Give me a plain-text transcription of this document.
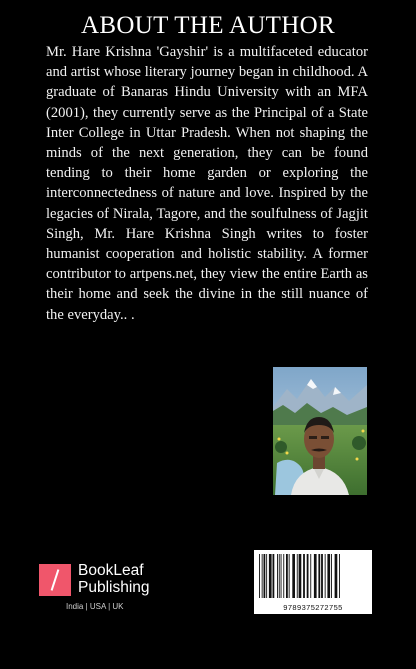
ABOUT THE AUTHOR

Mr. Hare Krishna 'Gayshir' is a multifaceted educator and artist whose literary journey began in childhood. A graduate of Banaras Hindu University with an MFA (2001), they currently serve as the Principal of a State Inter College in Uttar Pradesh. When not shaping the minds of the next generation, they can be found tending to their home garden or exploring the interconnectedness of nature and love. Inspired by the legacies of Nirala, Tagore, and the soulfulness of Jagjit Singh, Mr. Hare Krishna Singh writes to foster humanist cooperation and holistic stability. A former contributor to artpens.net, they view the entire Earth as their home and seek the divine in the still nuance of the everyday.. .

BookLeaf
Publishing
India | USA | UK	9789375272755
